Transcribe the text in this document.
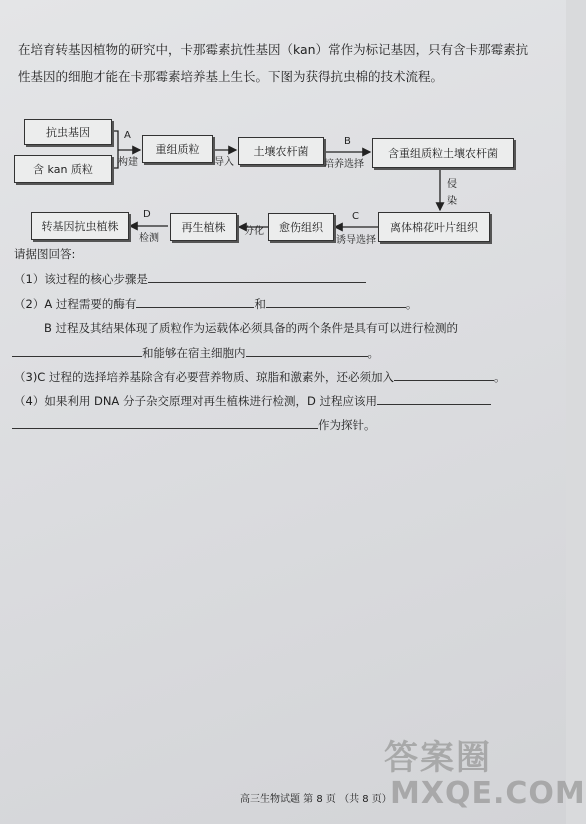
在培育转基因植物的研究中，卡那霉素抗性基因（kan）常作为标记基因，只有含卡那霉素抗
性基因的细胞才能在卡那霉素培养基上生长。下图为获得抗虫棉的技术流程。
抗虫基因
含 kan 质粒
重组质粒	土壤农杆菌	含重组质粒土壤农杆菌
离体棉花叶片组织
愈伤组织
再生植株
转基因抗虫植株
A
构建	导入
B
培养选择
侵
染
C
诱导选择
分化
D
检测
请据图回答:
（1）该过程的核心步骤是
（2）A 过程需要的酶有	和	。
B 过程及其结果体现了质粒作为运载体必须具备的两个条件是具有可以进行检测的
和能够在宿主细胞内	。
（3)C 过程的选择培养基除含有必要营养物质、琼脂和激素外，还必须加入	。
（4）如果利用 DNA 分子杂交原理对再生植株进行检测，D 过程应该用
作为探针。
高三生物试题 第 8 页 （共 8 页）
答案圈
MXQE.COM
